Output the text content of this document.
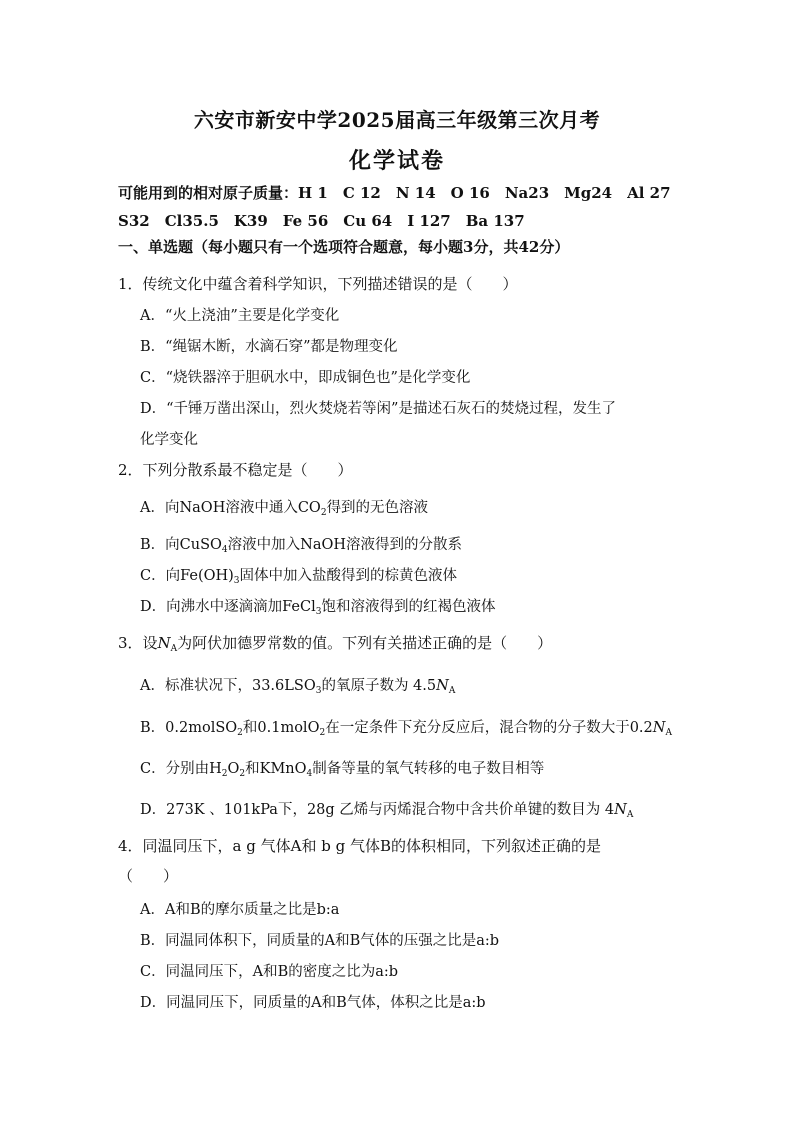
六安市新安中学2025届高三年级第三次月考
化学试卷
可能用到的相对原子质量：H 1　C 12　N 14　O 16　Na23　Mg24　Al 27
S32　Cl35.5　K39　Fe 56　Cu 64　I 127　Ba 137
一、单选题（每小题只有一个选项符合题意，每小题3分，共42分）
1．传统文化中蕴含着科学知识，下列描述错误的是（　　）
A．“火上浇油”主要是化学变化
B．“绳锯木断，水滴石穿”都是物理变化
C．“烧铁器淬于胆矾水中，即成铜色也”是化学变化
D．“千锤万凿出深山，烈火焚烧若等闲”是描述石灰石的焚烧过程，发生了
化学变化
2．下列分散系最不稳定是（　　）
A．向NaOH溶液中通入$CO_2$得到的无色溶液
B．向CuSO$_4$溶液中加入NaOH溶液得到的分散系
C．向$Fe(OH)_3$固体中加入盐酸得到的棕黄色液体
D．向沸水中逐滴滴加FeCl$_3$饱和溶液得到的红褐色液体
3．设$N_A$为阿伏加德罗常数的值。下列有关描述正确的是（　　）
A．标准状况下，$33.6LSO_3$的氧原子数为 $4.5N_A$
B．0.2molSO$_2$和0.1molO$_2$在一定条件下充分反应后，混合物的分子数大于$0.2N_A$
C．分别由$H_2O_2$和KMnO$_4$制备等量的氧气转移的电子数目相等
D．273K 、101kPa下，28g 乙烯与丙烯混合物中含共价单键的数目为 $4N_A$
4．同温同压下，a g 气体A和 b g 气体B的体积相同，下列叙述正确的是
（　　）
A．A和B的摩尔质量之比是b:a
B．同温同体积下，同质量的A和B气体的压强之比是a:b
C．同温同压下，A和B的密度之比为a:b
D．同温同压下，同质量的A和B气体，体积之比是a:b
